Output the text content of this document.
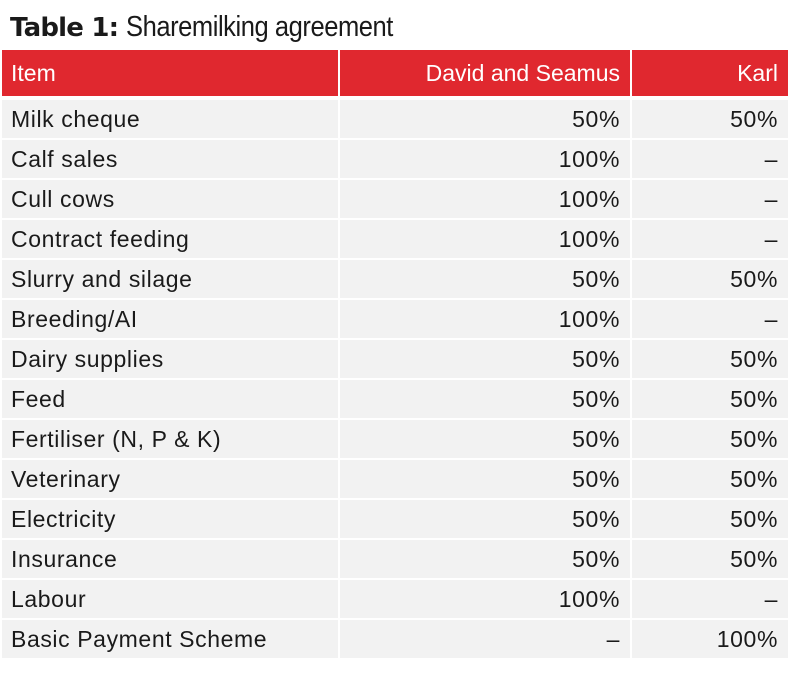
Table 1: Sharemilking agreement
Item	David and Seamus	Karl
Milk cheque	50%	50%
Calf sales	100%	–
Cull cows	100%	–
Contract feeding	100%	–
Slurry and silage	50%	50%
Breeding/AI	100%	–
Dairy supplies	50%	50%
Feed	50%	50%
Fertiliser (N, P & K)	50%	50%
Veterinary	50%	50%
Electricity	50%	50%
Insurance	50%	50%
Labour	100%	–
Basic Payment Scheme	–	100%
